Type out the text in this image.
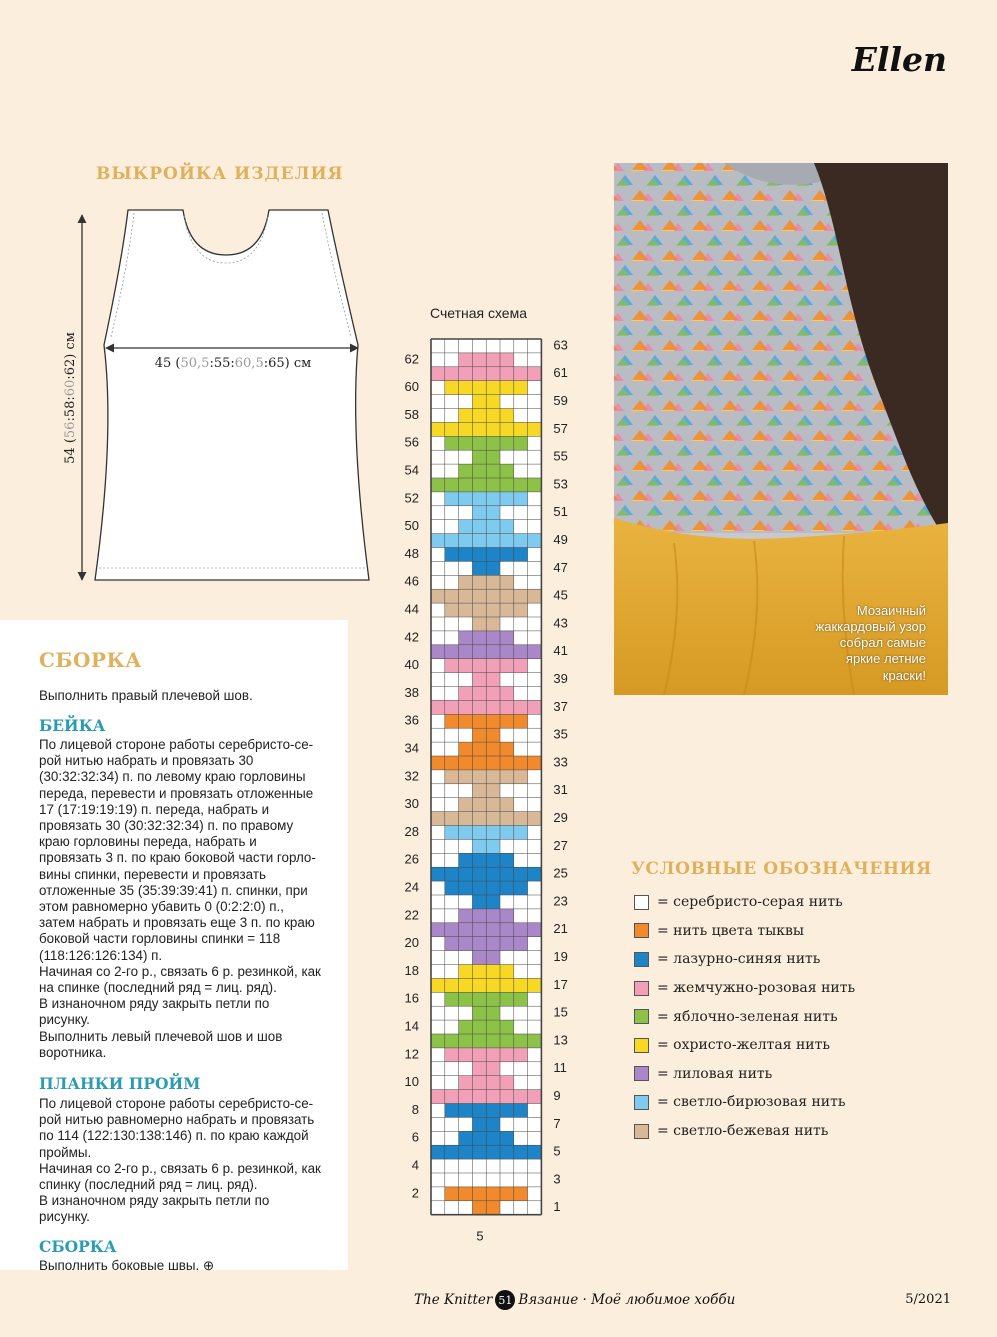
Ellen
ВЫКРОЙКА ИЗДЕЛИЯ
45 (50,5:55:60,5:65) см
54 (56:58:60:62) см
СБОРКА
Выполнить правый плечевой шов.
БЕЙКА
По лицевой стороне работы серебристо-се-
рой нитью набрать и провязать 30
(30:32:32:34) п. по левому краю горловины
переда, перевести и провязать отложенные
17 (17:19:19:19) п. переда, набрать и
провязать 30 (30:32:32:34) п. по правому
краю горловины переда, набрать и
провязать 3 п. по краю боковой части горло-
вины спинки, перевести и провязать
отложенные 35 (35:39:39:41) п. спинки, при
этом равномерно убавить 0 (0:2:2:0) п.,
затем набрать и провязать еще 3 п. по краю
боковой части горловины спинки = 118
(118:126:126:134) п.
Начиная со 2-го р., связать 6 р. резинкой, как
на спинке (последний ряд = лиц. ряд).
В изнаночном ряду закрыть петли по
рисунку.
Выполнить левый плечевой шов и шов
воротника.
ПЛАНКИ ПРОЙМ
По лицевой стороне работы серебристо-се-
рой нитью равномерно набрать и провязать
по 114 (122:130:138:146) п. по краю каждой
проймы.
Начиная со 2-го р., связать 6 р. резинкой, как
спинку (последний ряд = лиц. ряд).
В изнаночном ряду закрыть петли по
рисунку.
СБОРКА
Выполнить боковые швы. ⊕
Счетная схема
63
61
59
57
55
53
51
49
47
45
43
41
39
37
35
33
31
29
27
25
23
21
19
17
15
13
11
9
7
5
3
1
62
60
58
56
54
52
50
48
46
44
42
40
38
36
34
32
30
28
26
24
22
20
18
16
14
12
10
8
6
4
2
5
Мозаичный
жаккардовый узор
собрал самые
яркие летние
краски!
УСЛОВНЫЕ ОБОЗНАЧЕНИЯ
= серебристо-серая нить
= нить цвета тыквы
= лазурно-синяя нить
= жемчужно-розовая нить
= яблочно-зеленая нить
= охристо-желтая нить
= лиловая нить
= светло-бирюзовая нить
= светло-бежевая нить
The Knitter 51 Вязание · Моё любимое хобби	5/2021
